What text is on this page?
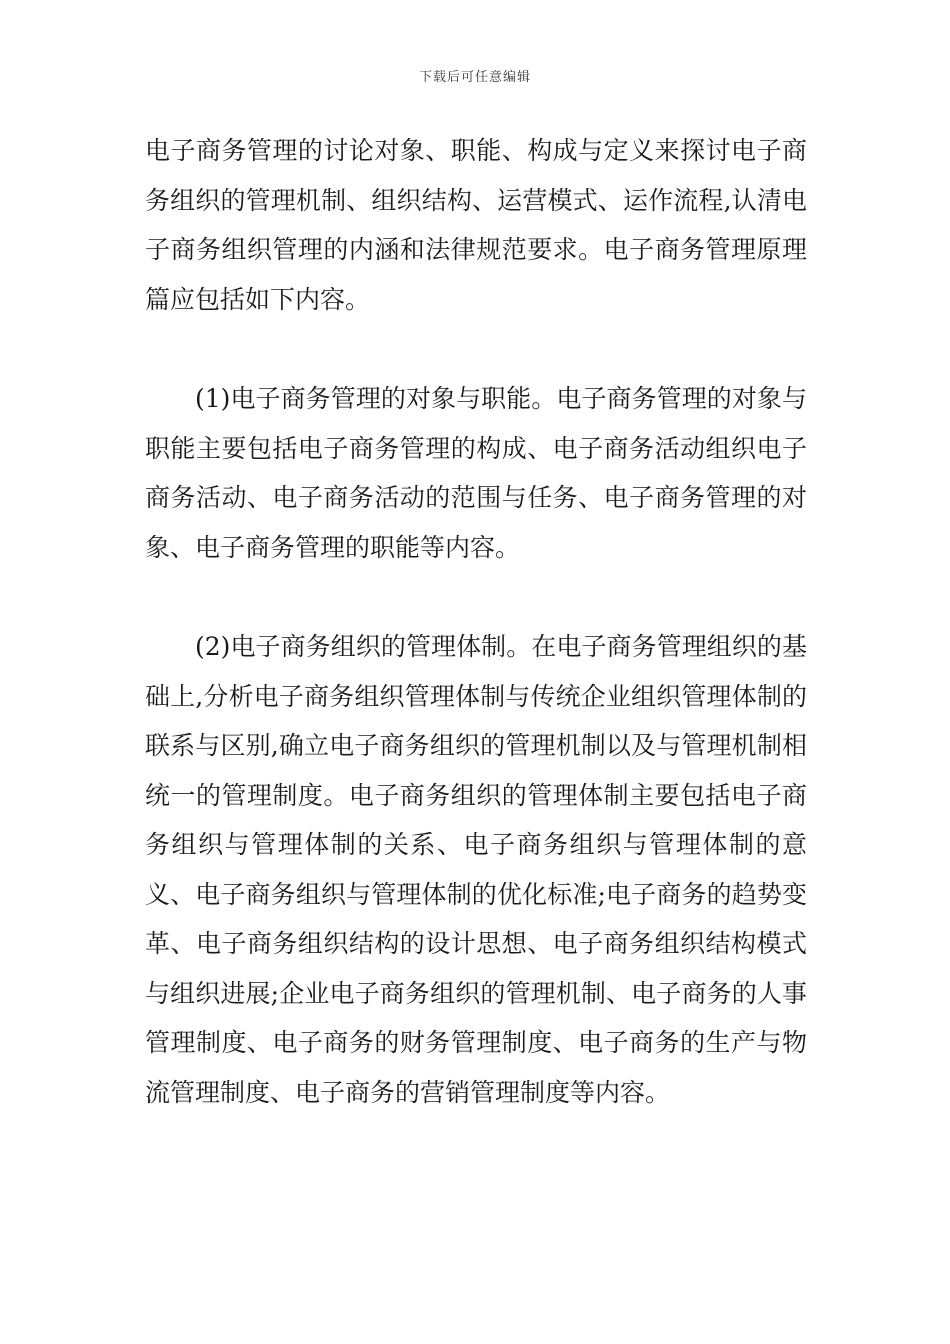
下载后可任意编辑

电子商务管理的讨论对象、职能、构成与定义来探讨电子商务组织的管理机制、组织结构、运营模式、运作流程,认清电子商务组织管理的内涵和法律规范要求。电子商务管理原理篇应包括如下内容。

(1)电子商务管理的对象与职能。电子商务管理的对象与职能主要包括电子商务管理的构成、电子商务活动组织电子商务活动、电子商务活动的范围与任务、电子商务管理的对象、电子商务管理的职能等内容。

(2)电子商务组织的管理体制。在电子商务管理组织的基础上,分析电子商务组织管理体制与传统企业组织管理体制的联系与区别,确立电子商务组织的管理机制以及与管理机制相统一的管理制度。电子商务组织的管理体制主要包括电子商务组织与管理体制的关系、电子商务组织与管理体制的意义、电子商务组织与管理体制的优化标准;电子商务的趋势变革、电子商务组织结构的设计思想、电子商务组织结构模式与组织进展;企业电子商务组织的管理机制、电子商务的人事管理制度、电子商务的财务管理制度、电子商务的生产与物流管理制度、电子商务的营销管理制度等内容。
